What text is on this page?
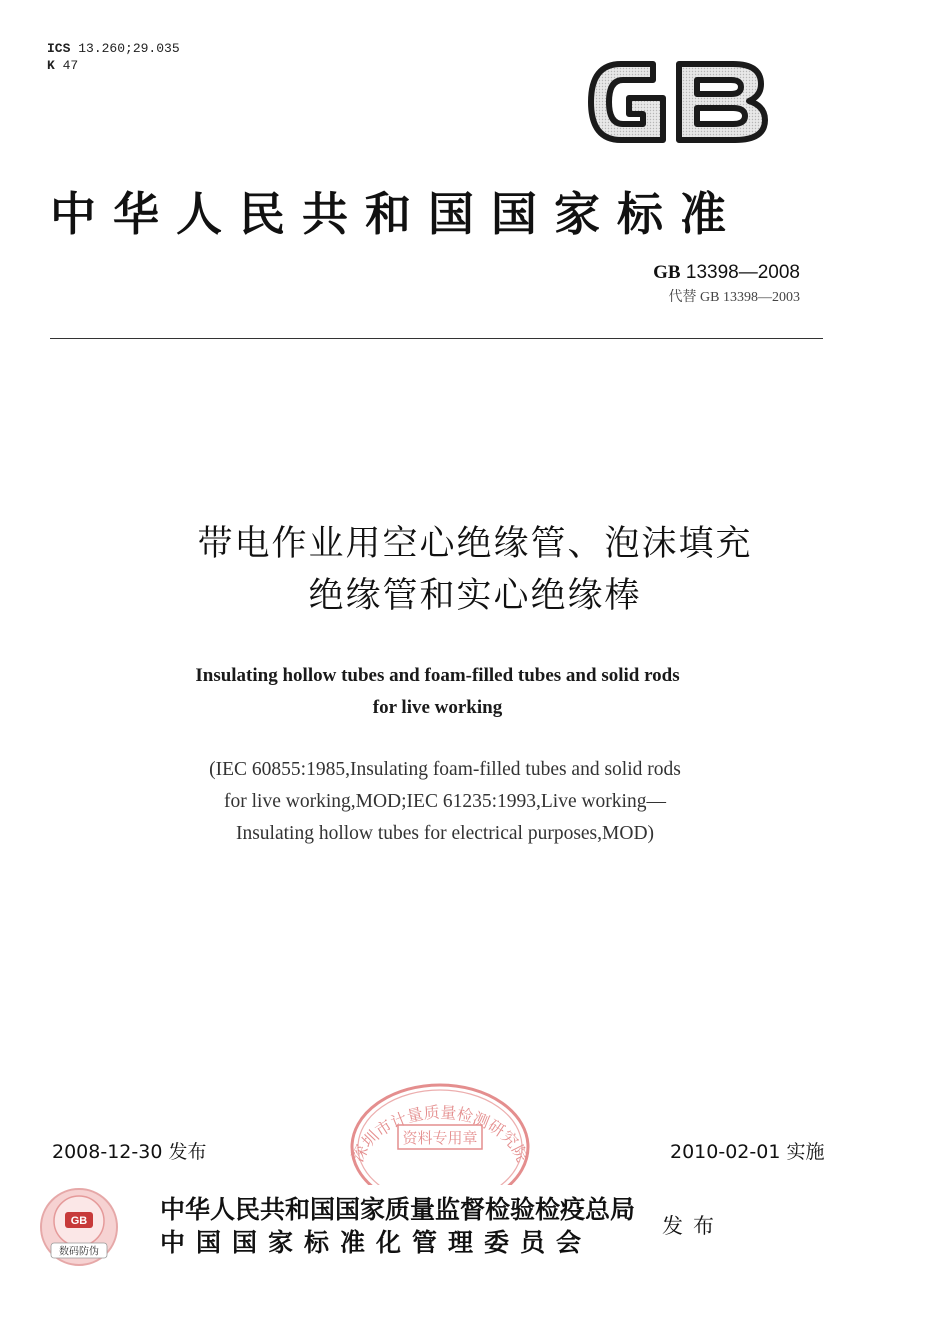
ICS 13.260;29.035
K 47
中华人民共和国国家标准
GB 13398—2008
代替 GB 13398—2003
带电作业用空心绝缘管、泡沫填充
绝缘管和实心绝缘棒
Insulating hollow tubes and foam-filled tubes and solid rods
for live working
(IEC 60855:1985,Insulating foam-filled tubes and solid rods
for live working,MOD;IEC 61235:1993,Live working—
Insulating hollow tubes for electrical purposes,MOD)
深圳市计量质量检测研究院
资料专用章
2008-12-30 发布	2010-02-01 实施
GB
数码防伪
中华人民共和国国家质量监督检验检疫总局
中国国家标准化管理委员会
发布
